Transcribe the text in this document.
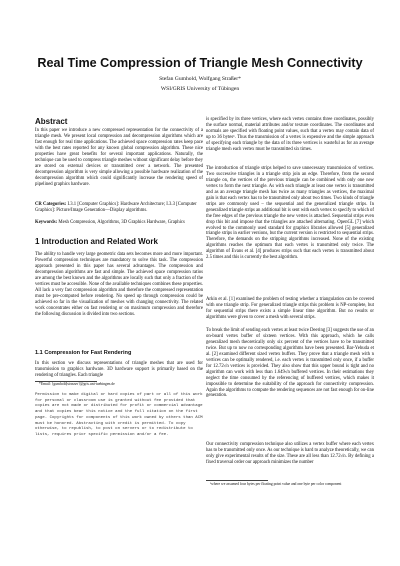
Real Time Compression of Triangle Mesh Connectivity
Stefan Gumhold, Wolfgang Straßer*
WSI/GRIS University of Tübingen
Abstract

In this paper we introduce a new compressed representation for the connectivity of a triangle mesh. We present local compression and decompression algorithms which are fast enough for real time applications. The achieved space compression rates keep pace with the best rates reported for any known global compression algorithm. These nice properties have great benefits for several important applications. Naturally, the technique can be used to compress triangle meshes without significant delay before they are stored on external devices or transmitted over a network. The presented decompression algorithm is very simple allowing a possible hardware realization of the decompression algorithm which could significantly increase the rendering speed of pipelined graphics hardware.

CR Categories: I.3.1 [Computer Graphics]: Hardware Architecture; I.3.3 [Computer Graphics]: Picture/Image Generation—Display algorithms.

Keywords: Mesh Compression, Algorithms, 3D Graphics Hardware, Graphics

1 Introduction and Related Work

The ability to handle very large geometric data sets becomes more and more important. Powerful compression techniques are mandatory to solve this task. The compression approach presented in this paper has several advantages. The compression and decompression algorithms are fast and simple. The achieved space compression ratios are among the best known and the algorithms are locally such that only a fraction of the vertices must be accessible. None of the available techniques combines these properties. All lack a very fast compression algorithm and therefore the compressed representation must be pre-computed before rendering. No speed up through compression could be achieved so far in the visualization of meshes with changing connectivity. The related work concentrates either on fast rendering or on maximum compression and therefore the following discussion is divided into two sections.

1.1 Compression for Fast Rendering

In this section we discuss representations of triangle meshes that are used for transmission to graphics hardware. 3D hardware support is primarily based on the rendering of triangles. Each triangle

*Email: {gumhold|strasser}@gris.uni-tuebingen.de

Permission to make digital or hard copies of part or all of this work for personal or classroom use is granted without fee provided that copies are not made or distributed for profit or commercial advantage and that copies bear this notice and the full citation on the first page. Copyrights for components of this work owned by others than ACM must be honored. Abstracting with credit is permitted. To copy otherwise, to republish, to post on servers or to redistribute to lists, requires prior specific permission and/or a fee.

is specified by its three vertices, where each vertex contains three coordinates, possibly the surface normal, material attributes and/or texture coordinates. The coordinates and normals are specified with floating point values, such that a vertex may contain data of up to 36 bytes¹. Thus the transmission of a vertex is expensive and the simple approach of specifying each triangle by the data of its three vertices is wasteful as for an average triangle mesh each vertex must be transmitted six times.

The introduction of triangle strips helped to save unnecessary transmission of vertices. Two successive triangles in a triangle strip join an edge. Therefore, from the second triangle on, the vertices of the previous triangle can be combined with only one new vertex to form the next triangle. As with each triangle at least one vertex is transmitted and as an average triangle mesh has twice as many triangles as vertices, the maximal gain is that each vertex has to be transmitted only about two times. Two kinds of triangle strips are commonly used – the sequential and the generalized triangle strips. In generalized triangle strips an additional bit is sent with each vertex to specify to which of the free edges of the previous triangle the new vertex is attached. Sequential strips even drop this bit and impose that the triangles are attached alternating. OpenGL [7] which evolved to the commonly used standard for graphics libraries allowed [5] generalized triangle strips in earlier versions, but the current version is restricted to sequential strips. Therefore, the demands on the stripping algorithms increased. None of the existing algorithms reaches the optimum that each vertex is transmitted only twice. The algorithm of Evans et al. [4] produces strips such that each vertex is transmitted about 2.5 times and this is currently the best algorithm.

Arkin et al. [1] examined the problem of testing whether a triangulation can be covered with one triangle strip. For generalized triangle strips this problem is NP-complete, but for sequential strips there exists a simple linear time algorithm. But no results or algorithms were given to cover a mesh with several strips.

To break the limit of sending each vertex at least twice Deering [3] suggests the use of an on-board vertex buffer of sixteen vertices. With this approach, which he calls generalized mesh theoretically only six percent of the vertices have to be transmitted twice. But up to now no corresponding algorithms have been presented. Bar-Yehuda et al. [2] examined different sized vertex buffers. They prove that a triangle mesh with n vertices can be optimally rendered, i.e. each vertex is transmitted only once, if a buffer for 12.72√n vertices is provided. They also show that this upper bound is tight and no algorithm can work with less than 1.649√n buffered vertices. In their estimations they neglect the time consumed by the referencing of buffered vertices, which makes it impossible to determine the suitability of the approach for connectivity compression. Again the algorithms to compute the rendering sequences are not fast enough for on-line generation.

Our connectivity compression technique also utilizes a vertex buffer where each vertex has to be transmitted only once. As our technique is hard to analyze theoretically, we can only give experimental results of the size. These are all less than 12.72√n. By defining a fixed traversal order our approach minimizes the number

¹where we assumed four bytes per floating point value and one byte per color component
